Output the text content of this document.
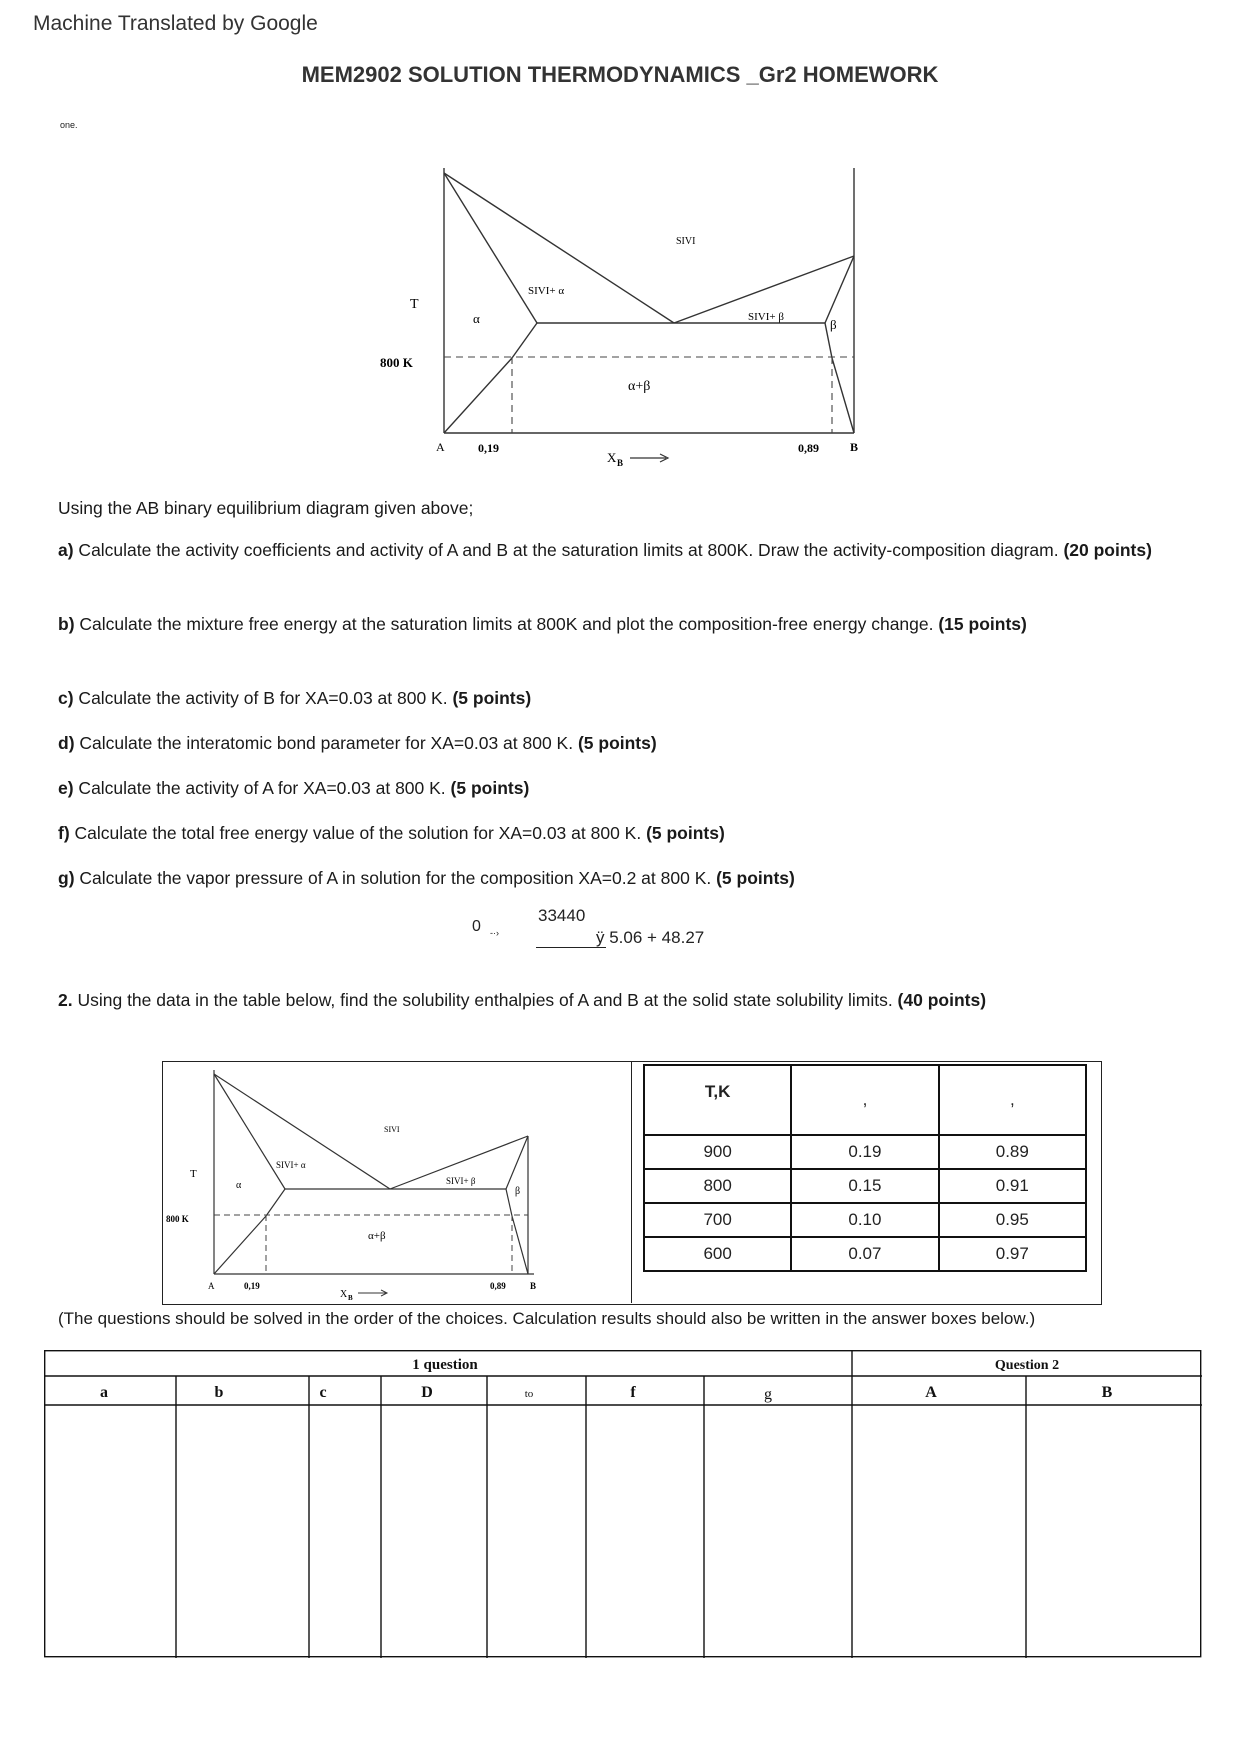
Machine Translated by Google
MEM2902 SOLUTION THERMODYNAMICS _Gr2 HOMEWORK
one.
SIVI
SIVI+ α
SIVI+ β
α	β
α+β
T
800 K
A	0,19	0,89	B
X B
Using the AB binary equilibrium diagram given above;
a) Calculate the activity coefficients and activity of A and B at the saturation limits at 800K. Draw the activity-composition diagram. (20 points)
b) Calculate the mixture free energy at the saturation limits at 800K and plot the composition-free energy change. (15 points)
c) Calculate the activity of B for XA=0.03 at 800 K. (5 points)
d) Calculate the interatomic bond parameter for XA=0.03 at 800 K. (5 points)
e) Calculate the activity of A for XA=0.03 at 800 K. (5 points)
f) Calculate the total free energy value of the solution for XA=0.03 at 800 K. (5 points)
g) Calculate the vapor pressure of A in solution for the composition XA=0.2 at 800 K. (5 points)
0 -·›
33440
ÿ 5.06 + 48.27
2. Using the data in the table below, find the solubility enthalpies of A and B at the solid state solubility limits. (40 points)
SIVI
SIVI+ α
SIVI+ β
α
β
α+β
T
800 K
A	0,19	0,89	B
X B
T,K	,	,
900	0.19	0.89
800	0.15	0.91
700	0.10	0.95
600	0.07	0.97
(The questions should be solved in the order of the choices. Calculation results should also be written in the answer boxes below.)
1 question	Question 2
a	b	c	D	to	f	g	A	B
